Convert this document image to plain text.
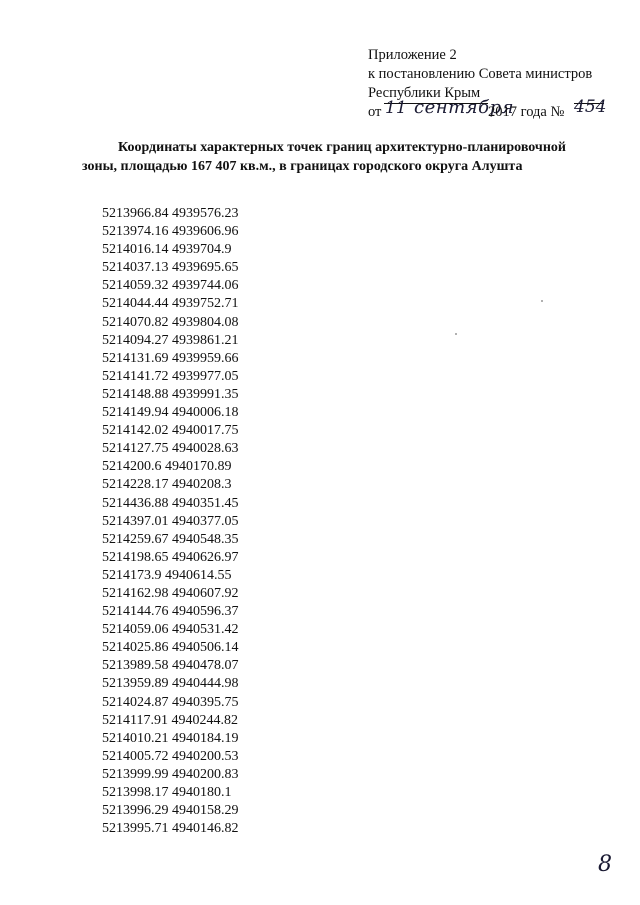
Приложение 2
к постановлению Совета министров
Республики Крым
от 11 сентября
2017 года № 454
Координаты характерных точек границ архитектурно-планировочной
зоны, площадью 167 407 кв.м., в границах городского округа Алушта
5213966.84 4939576.23
5213974.16 4939606.96
5214016.14 4939704.9
5214037.13 4939695.65
5214059.32 4939744.06
5214044.44 4939752.71
5214070.82 4939804.08
5214094.27 4939861.21
5214131.69 4939959.66
5214141.72 4939977.05
5214148.88 4939991.35
5214149.94 4940006.18
5214142.02 4940017.75
5214127.75 4940028.63
5214200.6 4940170.89
5214228.17 4940208.3
5214436.88 4940351.45
5214397.01 4940377.05
5214259.67 4940548.35
5214198.65 4940626.97
5214173.9 4940614.55
5214162.98 4940607.92
5214144.76 4940596.37
5214059.06 4940531.42
5214025.86 4940506.14
5213989.58 4940478.07
5213959.89 4940444.98
5214024.87 4940395.75
5214117.91 4940244.82
5214010.21 4940184.19
5214005.72 4940200.53
5213999.99 4940200.83
5213998.17 4940180.1
5213996.29 4940158.29
5213995.71 4940146.82
8
